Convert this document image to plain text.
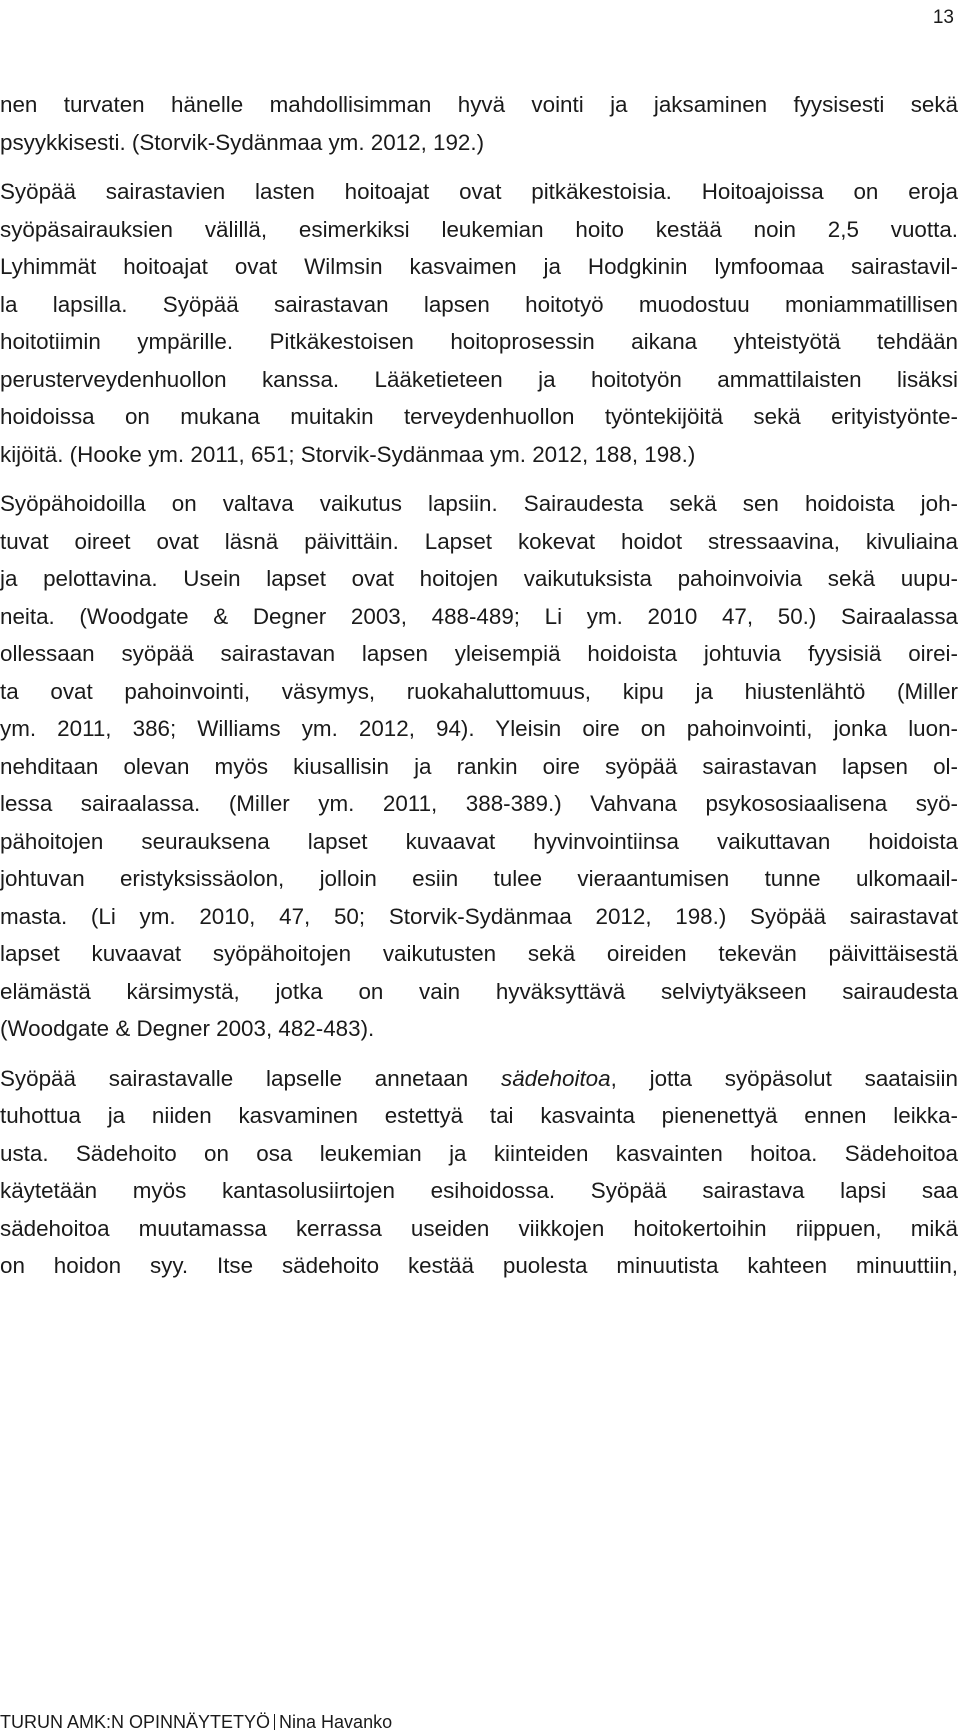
13
nen turvaten hänelle mahdollisimman hyvä vointi ja jaksaminen fyysisesti sekä
psyykkisesti. (Storvik-Sydänmaa ym. 2012, 192.)
Syöpää sairastavien lasten hoitoajat ovat pitkäkestoisia. Hoitoajoissa on eroja
syöpäsairauksien välillä, esimerkiksi leukemian hoito kestää noin 2,5 vuotta.
Lyhimmät hoitoajat ovat Wilmsin kasvaimen ja Hodgkinin lymfoomaa sairastavil-
la lapsilla. Syöpää sairastavan lapsen hoitotyö muodostuu moniammatillisen
hoitotiimin ympärille. Pitkäkestoisen hoitoprosessin aikana yhteistyötä tehdään
perusterveydenhuollon kanssa. Lääketieteen ja hoitotyön ammattilaisten lisäksi
hoidoissa on mukana muitakin terveydenhuollon työntekijöitä sekä erityistyönte-
kijöitä. (Hooke ym. 2011, 651; Storvik-Sydänmaa ym. 2012, 188, 198.)
Syöpähoidoilla on valtava vaikutus lapsiin. Sairaudesta sekä sen hoidoista joh-
tuvat oireet ovat läsnä päivittäin. Lapset kokevat hoidot stressaavina, kivuliaina
ja pelottavina. Usein lapset ovat hoitojen vaikutuksista pahoinvoivia sekä uupu-
neita. (Woodgate & Degner 2003, 488-489; Li ym. 2010 47, 50.) Sairaalassa
ollessaan syöpää sairastavan lapsen yleisempiä hoidoista johtuvia fyysisiä oirei-
ta ovat pahoinvointi, väsymys, ruokahaluttomuus, kipu ja hiustenlähtö (Miller
ym. 2011, 386; Williams ym. 2012, 94). Yleisin oire on pahoinvointi, jonka luon-
nehditaan olevan myös kiusallisin ja rankin oire syöpää sairastavan lapsen ol-
lessa sairaalassa. (Miller ym. 2011, 388-389.) Vahvana psykososiaalisena syö-
pähoitojen seurauksena lapset kuvaavat hyvinvointiinsa vaikuttavan hoidoista
johtuvan eristyksissäolon, jolloin esiin tulee vieraantumisen tunne ulkomaail-
masta. (Li ym. 2010, 47, 50; Storvik-Sydänmaa 2012, 198.) Syöpää sairastavat
lapset kuvaavat syöpähoitojen vaikutusten sekä oireiden tekevän päivittäisestä
elämästä kärsimystä, jotka on vain hyväksyttävä selviytyäkseen sairaudesta
(Woodgate & Degner 2003, 482-483).
Syöpää sairastavalle lapselle annetaan sädehoitoa, jotta syöpäsolut saataisiin
tuhottua ja niiden kasvaminen estettyä tai kasvainta pienenettyä ennen leikka-
usta. Sädehoito on osa leukemian ja kiinteiden kasvainten hoitoa. Sädehoitoa
käytetään myös kantasolusiirtojen esihoidossa. Syöpää sairastava lapsi saa
sädehoitoa muutamassa kerrassa useiden viikkojen hoitokertoihin riippuen, mikä
on hoidon syy. Itse sädehoito kestää puolesta minuutista kahteen minuuttiin,
TURUN AMK:N OPINNÄYTETYÖ Nina Havanko
